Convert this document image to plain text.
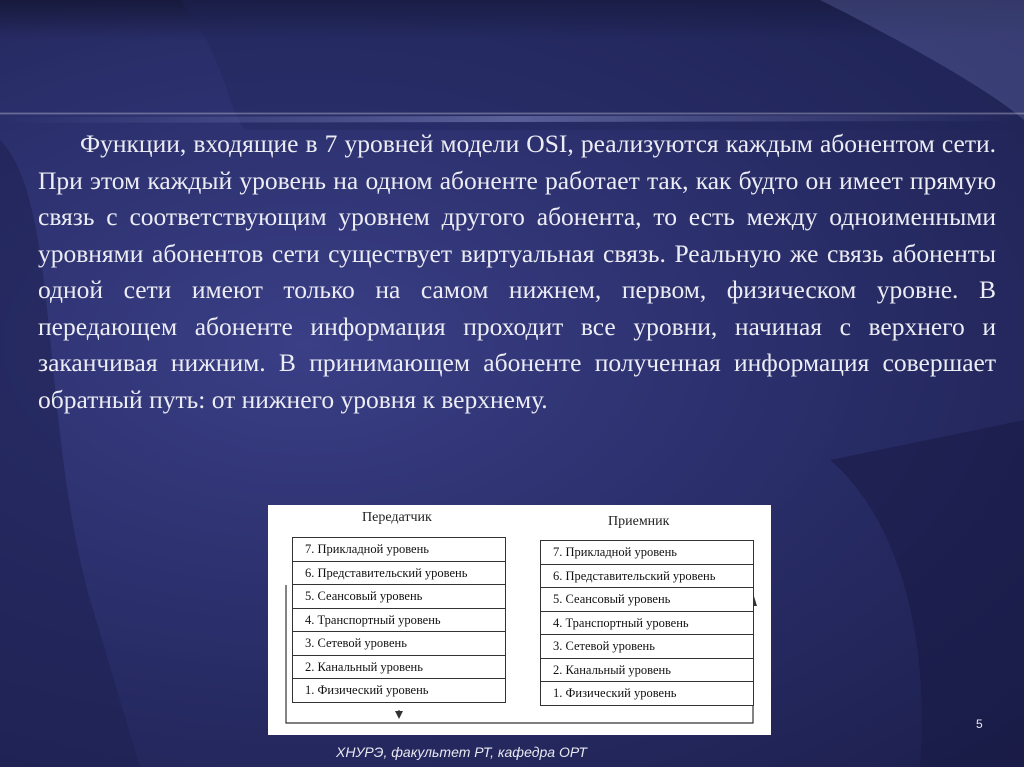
Функции, входящие в 7 уровней модели OSI, реализуются каждым абонентом сети. При этом каждый уровень на одном абоненте работает так, как будто он имеет прямую связь с соответствующим уровнем другого абонента, то есть между одноименными уровнями абонентов сети существует виртуальная связь. Реальную же связь абоненты одной сети имеют только на самом нижнем, первом, физическом уровне. В передающем абоненте информация проходит все уровни, начиная с верхнего и заканчивая нижним. В принимающем абоненте полученная информация совершает обратный путь: от нижнего уровня к верхнему.

Передатчик	Приемник
7. Прикладной уровень
6. Представительский уровень
5. Сеансовый уровень
4. Транспортный уровень
3. Сетевой уровень
2. Канальный уровень
1. Физический уровень
7. Прикладной уровень
6. Представительский уровень
5. Сеансовый уровень
4. Транспортный уровень
3. Сетевой уровень
2. Канальный уровень
1. Физический уровень
5
ХНУРЭ, факультет РТ, кафедра ОРТ
